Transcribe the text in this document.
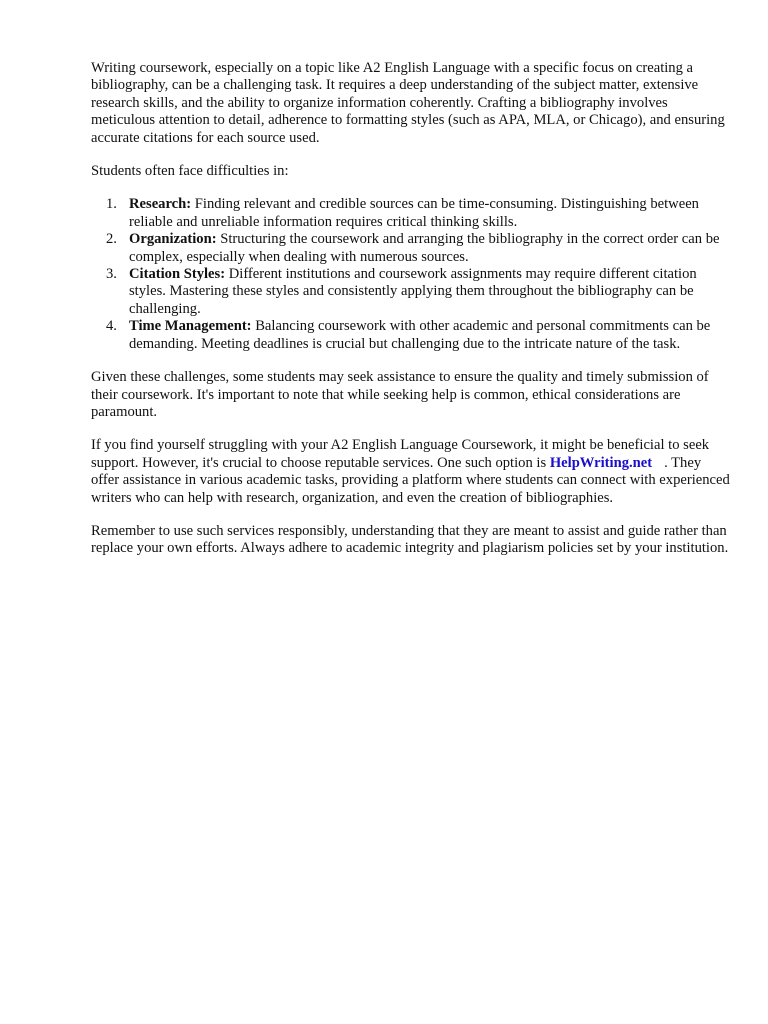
Writing coursework, especially on a topic like A2 English Language with a specific focus on creating a bibliography, can be a challenging task. It requires a deep understanding of the subject matter, extensive research skills, and the ability to organize information coherently. Crafting a bibliography involves meticulous attention to detail, adherence to formatting styles (such as APA, MLA, or Chicago), and ensuring accurate citations for each source used.

Students often face difficulties in:

1. Research: Finding relevant and credible sources can be time-consuming. Distinguishing between reliable and unreliable information requires critical thinking skills.
2. Organization: Structuring the coursework and arranging the bibliography in the correct order can be complex, especially when dealing with numerous sources.
3. Citation Styles: Different institutions and coursework assignments may require different citation styles. Mastering these styles and consistently applying them throughout the bibliography can be challenging.
4. Time Management: Balancing coursework with other academic and personal commitments can be demanding. Meeting deadlines is crucial but challenging due to the intricate nature of the task.

Given these challenges, some students may seek assistance to ensure the quality and timely submission of their coursework. It's important to note that while seeking help is common, ethical considerations are paramount.

If you find yourself struggling with your A2 English Language Coursework, it might be beneficial to seek support. However, it's crucial to choose reputable services. One such option is HelpWriting.net . They offer assistance in various academic tasks, providing a platform where students can connect with experienced writers who can help with research, organization, and even the creation of bibliographies.

Remember to use such services responsibly, understanding that they are meant to assist and guide rather than replace your own efforts. Always adhere to academic integrity and plagiarism policies set by your institution.
